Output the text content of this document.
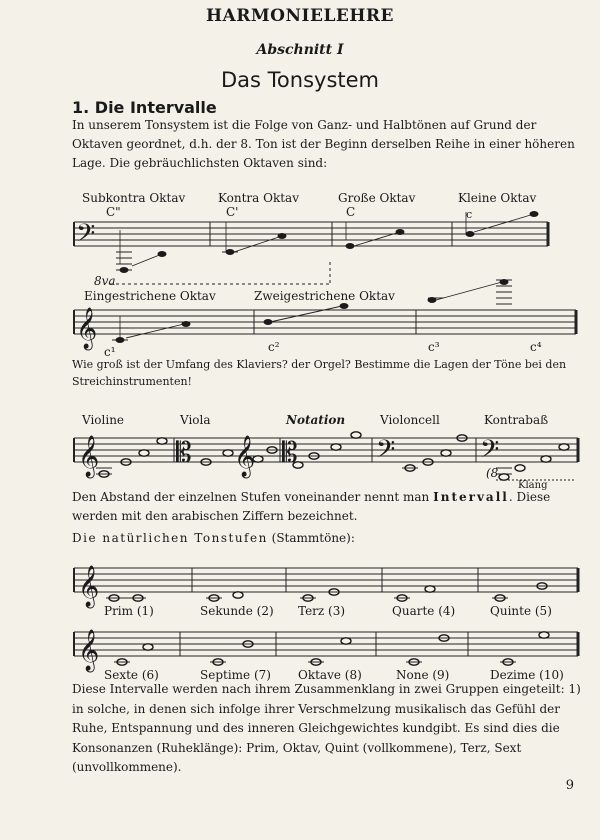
HARMONIELEHRE
Abschnitt I
Das Tonsystem
1. Die Intervalle
In unserem Tonsystem ist die Folge von Ganz- und Halbtönen auf Grund der Oktaven geordnet, d.h. der 8. Ton ist der Beginn derselben Reihe in einer höheren Lage. Die gebräuchlichsten Oktaven sind:
𝄢
𝄞
𝄞	𝄡 𝄞 𝄡	𝄢	𝄢
𝄞
𝄞
Subkontra Oktav	Kontra Oktav	Große Oktav	Kleine Oktav
C"	C'	C	c
8va
Eingestrichene Oktav	Zweigestrichene Oktav
c¹	c²	c³	c⁴
Wie groß ist der Umfang des Klaviers? der Orgel? Bestimme die Lagen der Töne bei den Streichinstrumenten!
Violine	Viola	Notation	Violoncell	Kontrabaß
(8
Klang
Den Abstand der einzelnen Stufen voneinander nennt man Intervall. Diese werden mit den arabischen Ziffern bezeichnet.
Die natürlichen Tonstufen (Stammtöne):
Prim (1)	Sekunde (2) Terz (3)	Quarte (4)	Quinte (5)
Sexte (6)	Septime (7) Oktave (8)	None (9)	Dezime (10)
Diese Intervalle werden nach ihrem Zusammenklang in zwei Gruppen eingeteilt: 1) in solche, in denen sich infolge ihrer Verschmelzung musikalisch das Gefühl der Ruhe, Entspannung und des inneren Gleichgewichtes kundgibt. Es sind dies die Konsonanzen (Ruheklänge): Prim, Oktav, Quint (vollkommene), Terz, Sext (unvollkommene).
9
